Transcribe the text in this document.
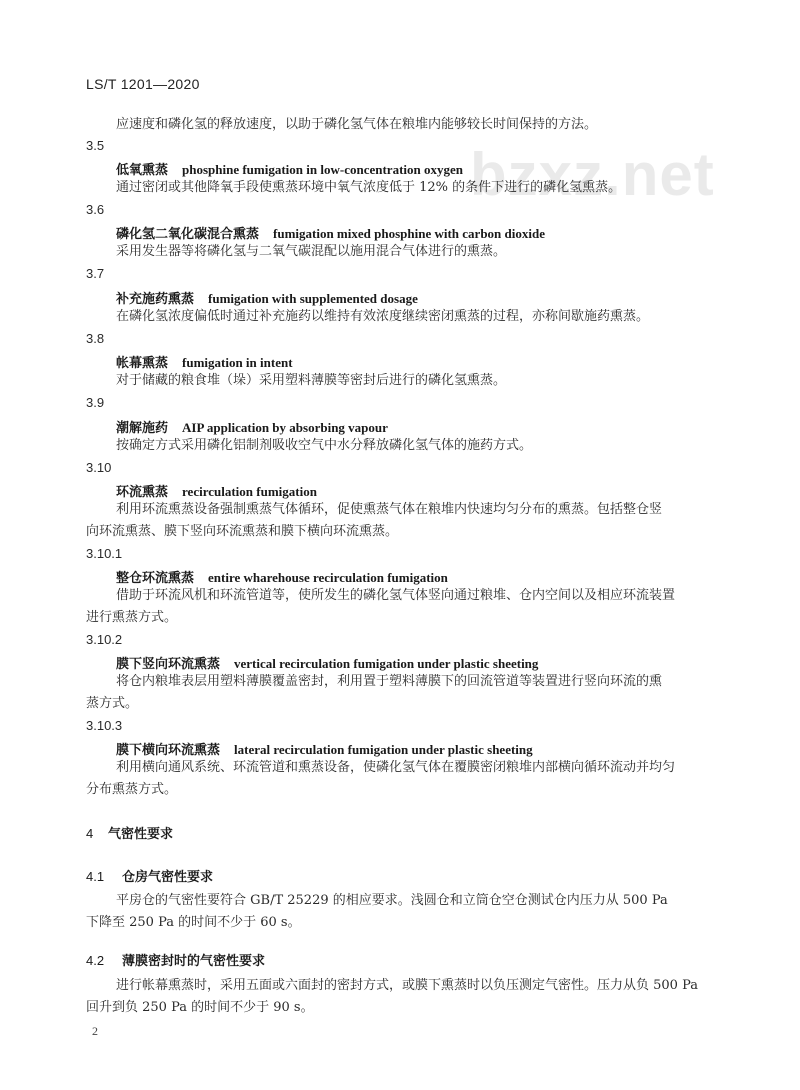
bzxz.net
LS/T 1201—2020
应速度和磷化氢的释放速度，以助于磷化氢气体在粮堆内能够较长时间保持的方法。
3.5
低氧熏蒸 phosphine fumigation in low-concentration oxygen
通过密闭或其他降氧手段使熏蒸环境中氧气浓度低于 12% 的条件下进行的磷化氢熏蒸。
3.6
磷化氢二氧化碳混合熏蒸 fumigation mixed phosphine with carbon dioxide
采用发生器等将磷化氢与二氧气碳混配以施用混合气体进行的熏蒸。
3.7
补充施药熏蒸 fumigation with supplemented dosage
在磷化氢浓度偏低时通过补充施药以维持有效浓度继续密闭熏蒸的过程，亦称间歇施药熏蒸。
3.8
帐幕熏蒸 fumigation in intent
对于储藏的粮食堆（垛）采用塑料薄膜等密封后进行的磷化氢熏蒸。
3.9
潮解施药 AIP application by absorbing vapour
按确定方式采用磷化铝制剂吸收空气中水分释放磷化氢气体的施药方式。
3.10
环流熏蒸 recirculation fumigation
利用环流熏蒸设备强制熏蒸气体循环，促使熏蒸气体在粮堆内快速均匀分布的熏蒸。包括整仓竖
向环流熏蒸、膜下竖向环流熏蒸和膜下横向环流熏蒸。
3.10.1
整仓环流熏蒸 entire wharehouse recirculation fumigation
借助于环流风机和环流管道等，使所发生的磷化氢气体竖向通过粮堆、仓内空间以及相应环流装置
进行熏蒸方式。
3.10.2
膜下竖向环流熏蒸 vertical recirculation fumigation under plastic sheeting
将仓内粮堆表层用塑料薄膜覆盖密封，利用置于塑料薄膜下的回流管道等装置进行竖向环流的熏
蒸方式。
3.10.3
膜下横向环流熏蒸 lateral recirculation fumigation under plastic sheeting
利用横向通风系统、环流管道和熏蒸设备，使磷化氢气体在覆膜密闭粮堆内部横向循环流动并均匀
分布熏蒸方式。
4 气密性要求
4.1 仓房气密性要求
平房仓的气密性要符合 GB/T 25229 的相应要求。浅圆仓和立筒仓空仓测试仓内压力从 500 Pa
下降至 250 Pa 的时间不少于 60 s。
4.2 薄膜密封时的气密性要求
进行帐幕熏蒸时，采用五面或六面封的密封方式，或膜下熏蒸时以负压测定气密性。压力从负 500 Pa
回升到负 250 Pa 的时间不少于 90 s。
2
